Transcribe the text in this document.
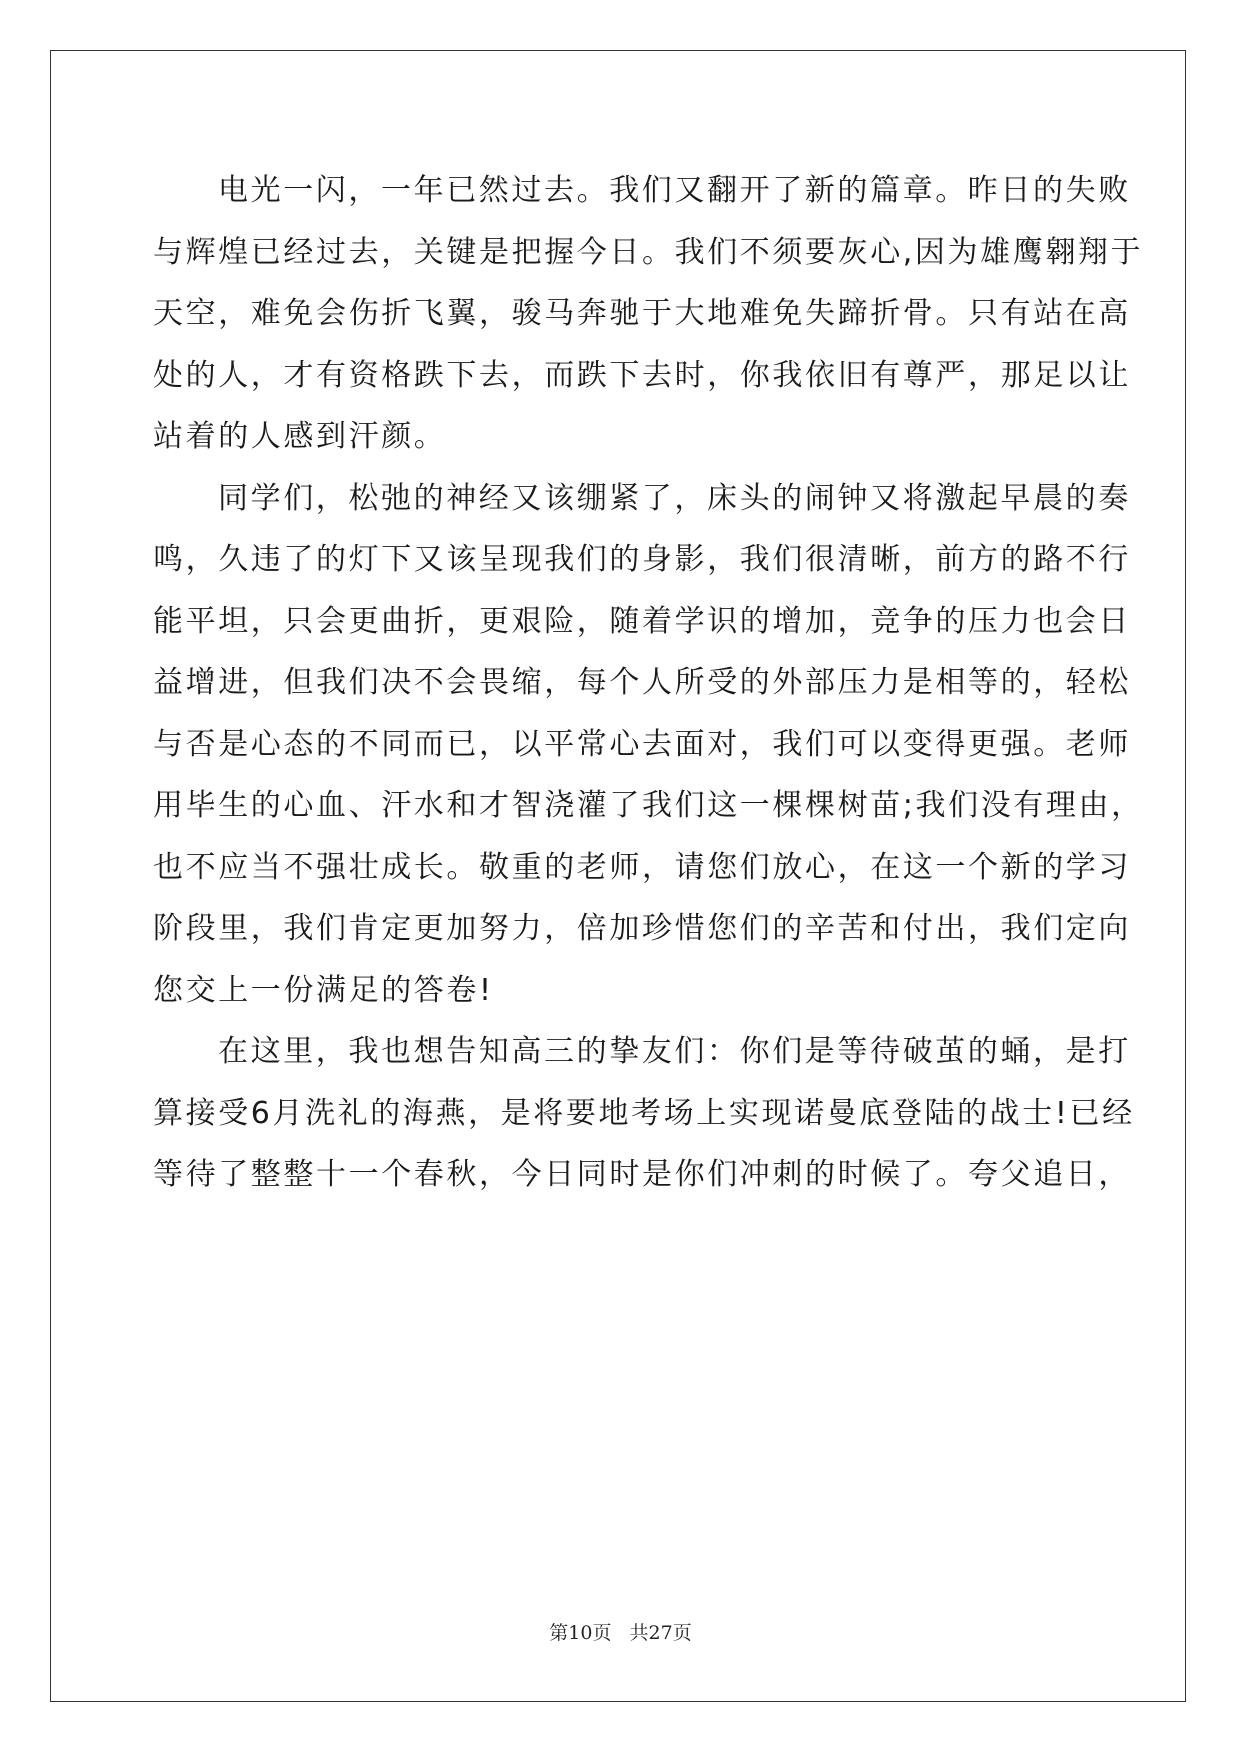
电光一闪，一年已然过去。我们又翻开了新的篇章。昨日的失败
与辉煌已经过去，关键是把握今日。我们不须要灰心,因为雄鹰翱翔于
天空，难免会伤折飞翼，骏马奔驰于大地难免失蹄折骨。只有站在高
处的人，才有资格跌下去，而跌下去时，你我依旧有尊严，那足以让
站着的人感到汗颜。
同学们，松弛的神经又该绷紧了，床头的闹钟又将激起早晨的奏
鸣，久违了的灯下又该呈现我们的身影，我们很清晰，前方的路不行
能平坦，只会更曲折，更艰险，随着学识的增加，竞争的压力也会日
益增进，但我们决不会畏缩，每个人所受的外部压力是相等的，轻松
与否是心态的不同而已，以平常心去面对，我们可以变得更强。老师
用毕生的心血、汗水和才智浇灌了我们这一棵棵树苗;我们没有理由，
也不应当不强壮成长。敬重的老师，请您们放心，在这一个新的学习
阶段里，我们肯定更加努力，倍加珍惜您们的辛苦和付出，我们定向
您交上一份满足的答卷!
在这里，我也想告知高三的挚友们：你们是等待破茧的蛹，是打
算接受6月洗礼的海燕，是将要地考场上实现诺曼底登陆的战士!已经
等待了整整十一个春秋，今日同时是你们冲刺的时候了。夸父追日，
第10页 共27页
